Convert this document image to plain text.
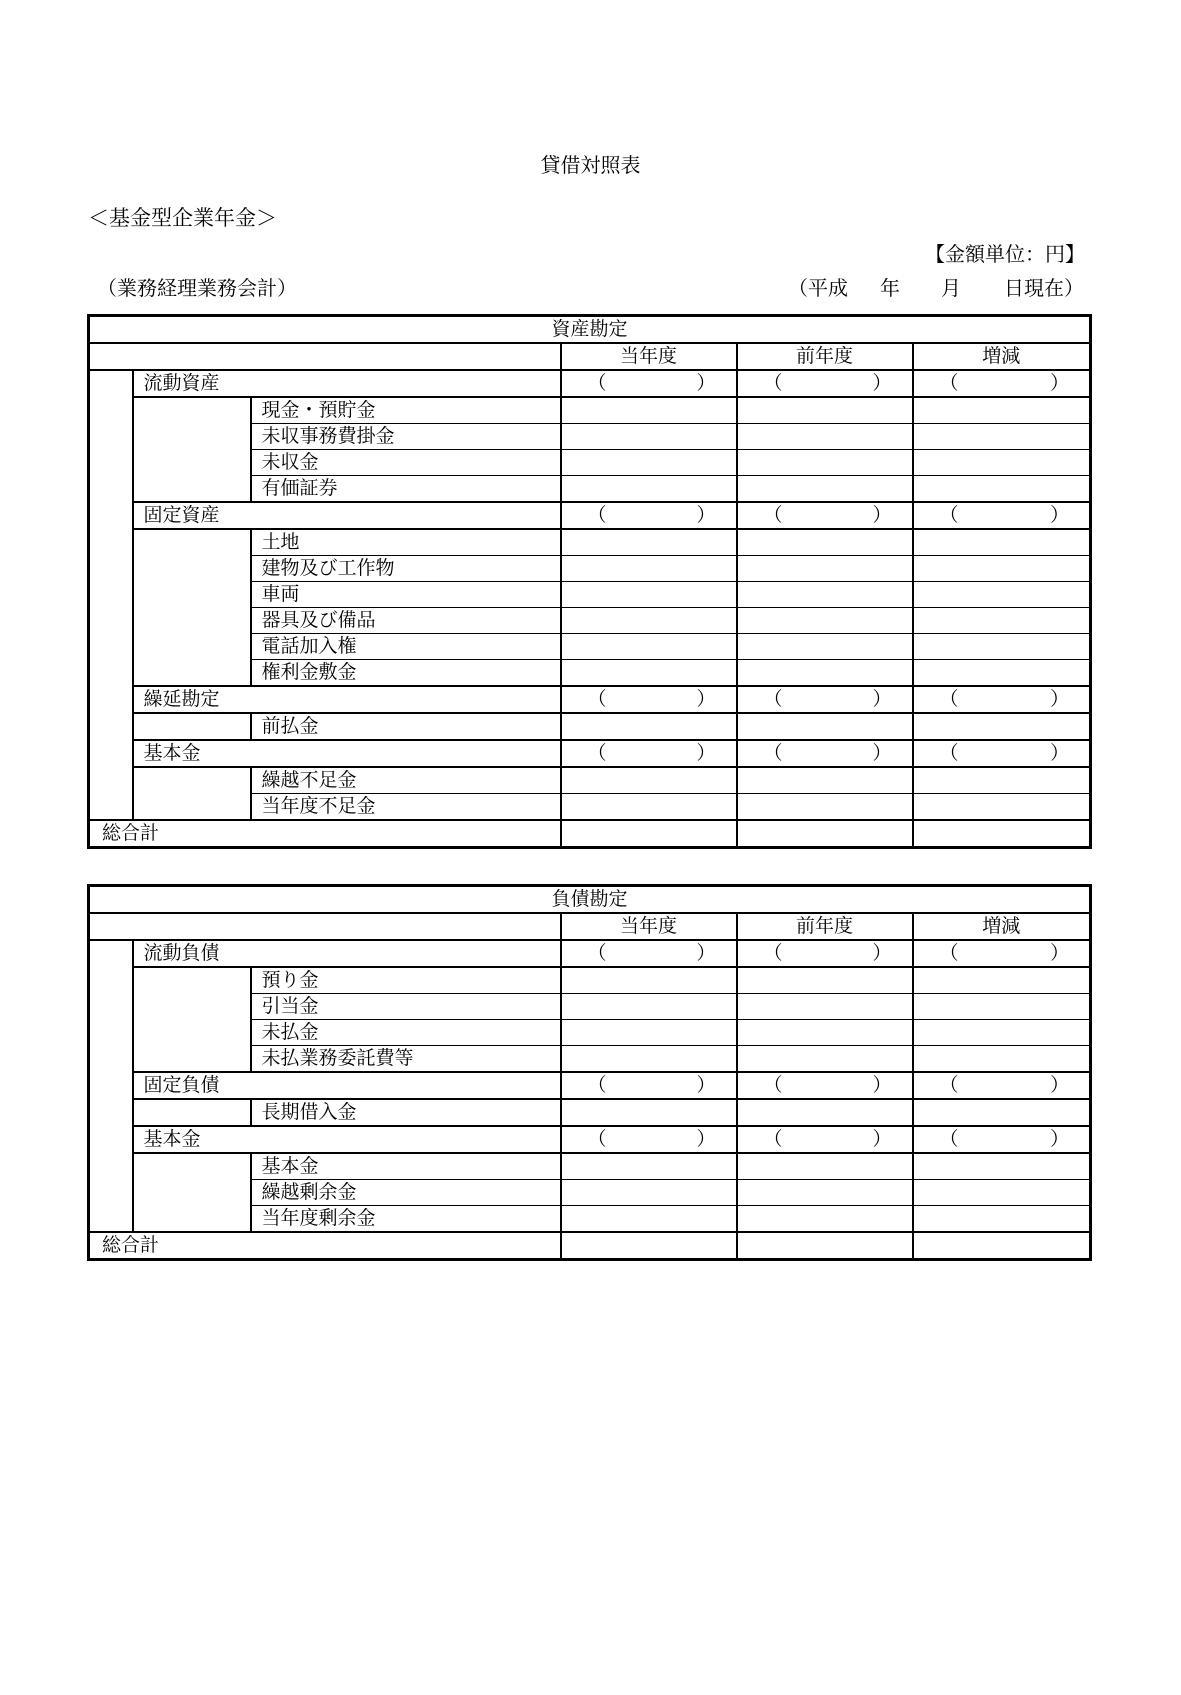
貸借対照表
＜基金型企業年金＞
【金額単位：円】
（業務経理業務会計）	（平成 年 月 日現在）
資産勘定					
			当年度	前年度	増減
	流動資産		（ ）	（ ）	（ ）

		現金・預貯金			
		未収事務費掛金			
		未収金			
		有価証券			
	固定資産		（ ）	（ ）	（ ）

		土地			
		建物及び工作物			
		車両			
		器具及び備品			
		電話加入権			
		権利金敷金			
	繰延勘定		（ ）	（ ）	（ ）

		前払金			
	基本金		（ ）	（ ）	（ ）

		繰越不足金			
		当年度不足金			
総合計					
負債勘定					
			当年度	前年度	増減
	流動負債		（ ）	（ ）	（ ）

		預り金			
		引当金			
		未払金			
		未払業務委託費等			
	固定負債		（ ）	（ ）	（ ）

		長期借入金			
	基本金		（ ）	（ ）	（ ）

		基本金			
		繰越剰余金			
		当年度剰余金			
総合計					
